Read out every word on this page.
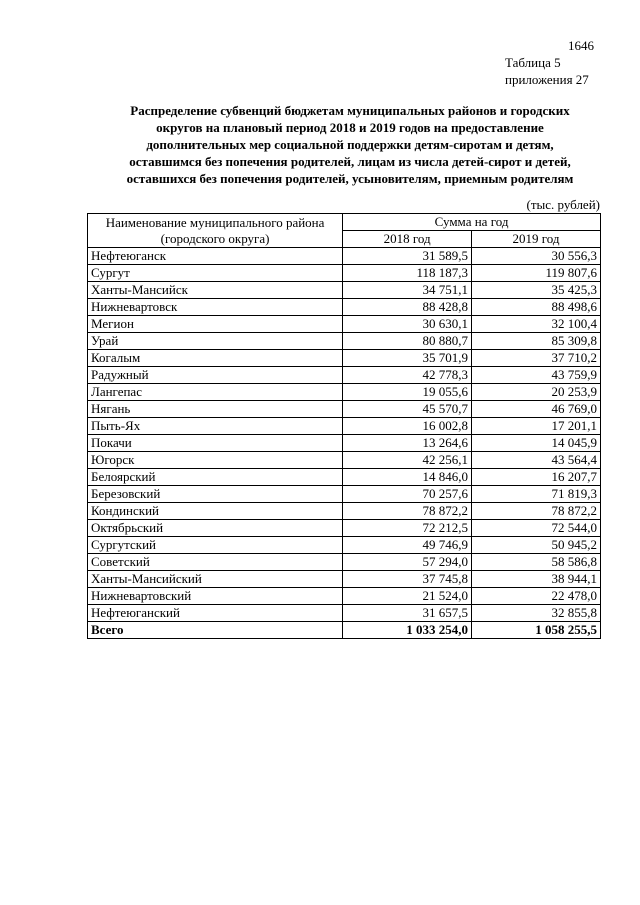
1646
Таблица 5
приложения 27
Распределение субвенций бюджетам муниципальных районов и городских
округов на плановый период 2018 и 2019 годов на предоставление
дополнительных мер социальной поддержки детям-сиротам и детям,
оставшимся без попечения родителей, лицам из числа детей-сирот и детей,
оставшихся без попечения родителей, усыновителям, приемным родителям
(тыс. рублей)
Наименование муниципального района
(городского округа)	Сумма на год	
	2018 год	2019 год
Нефтеюганск	31 589,5	30 556,3
Сургут	118 187,3	119 807,6
Ханты-Мансийск	34 751,1	35 425,3
Нижневартовск	88 428,8	88 498,6
Мегион	30 630,1	32 100,4
Урай	80 880,7	85 309,8
Когалым	35 701,9	37 710,2
Радужный	42 778,3	43 759,9
Лангепас	19 055,6	20 253,9
Нягань	45 570,7	46 769,0
Пыть-Ях	16 002,8	17 201,1
Покачи	13 264,6	14 045,9
Югорск	42 256,1	43 564,4
Белоярский	14 846,0	16 207,7
Березовский	70 257,6	71 819,3
Кондинский	78 872,2	78 872,2
Октябрьский	72 212,5	72 544,0
Сургутский	49 746,9	50 945,2
Советский	57 294,0	58 586,8
Ханты-Мансийский	37 745,8	38 944,1
Нижневартовский	21 524,0	22 478,0
Нефтеюганский	31 657,5	32 855,8
Всего	1 033 254,0	1 058 255,5
